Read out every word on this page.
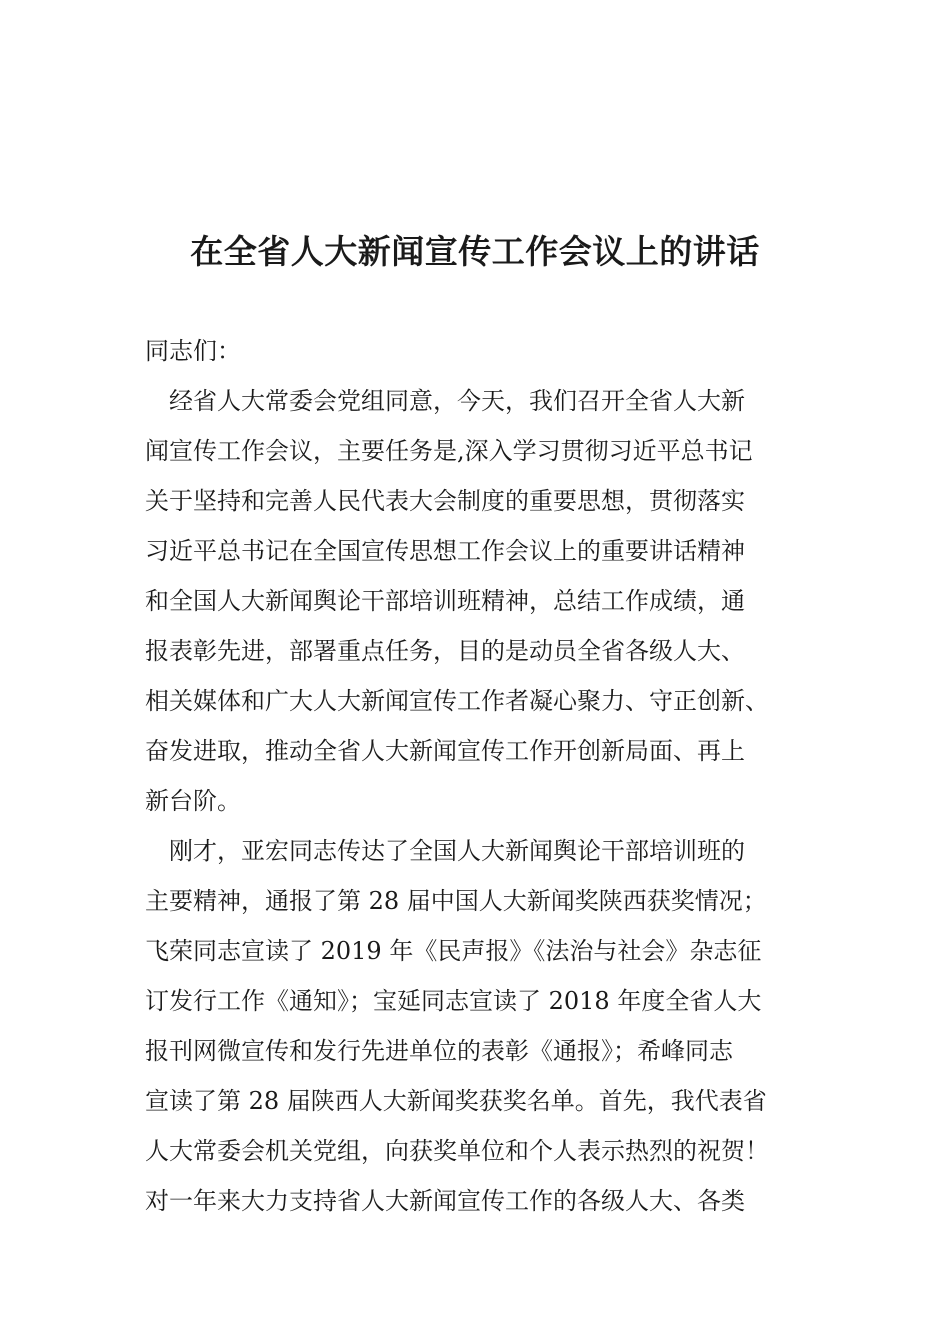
在全省人大新闻宣传工作会议上的讲话
同志们：
　经省人大常委会党组同意，今天，我们召开全省人大新
闻宣传工作会议，主要任务是,深入学习贯彻习近平总书记
关于坚持和完善人民代表大会制度的重要思想，贯彻落实
习近平总书记在全国宣传思想工作会议上的重要讲话精神
和全国人大新闻舆论干部培训班精神，总结工作成绩，通
报表彰先进，部署重点任务，目的是动员全省各级人大、
相关媒体和广大人大新闻宣传工作者凝心聚力、守正创新、
奋发进取，推动全省人大新闻宣传工作开创新局面、再上
新台阶。
　刚才，亚宏同志传达了全国人大新闻舆论干部培训班的
主要精神，通报了第 28 届中国人大新闻奖陕西获奖情况；
飞荣同志宣读了 2019 年《民声报》《法治与社会》杂志征
订发行工作《通知》；宝延同志宣读了 2018 年度全省人大
报刊网微宣传和发行先进单位的表彰《通报》；希峰同志
宣读了第 28 届陕西人大新闻奖获奖名单。首先，我代表省
人大常委会机关党组，向获奖单位和个人表示热烈的祝贺！
对一年来大力支持省人大新闻宣传工作的各级人大、各类
